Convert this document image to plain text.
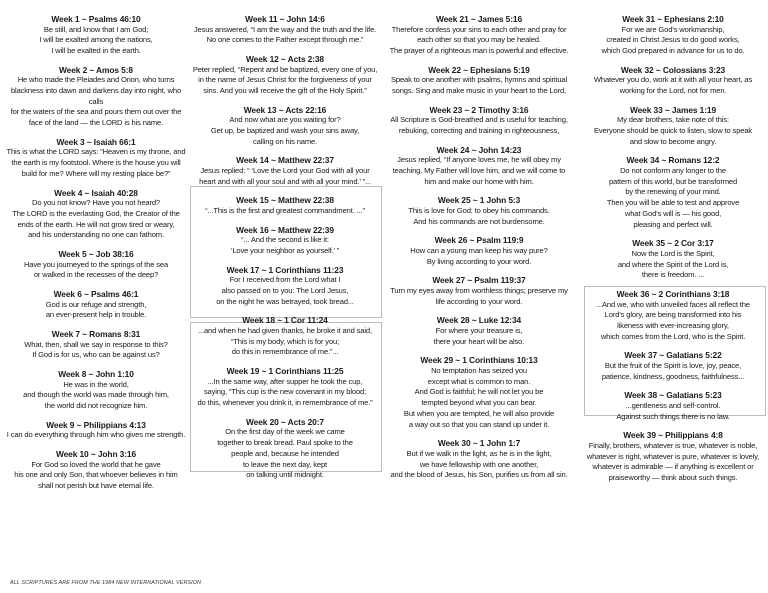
Week 1 ~ Psalms 46:10
Be still, and know that I am God;
I will be exalted among the nations,
I will be exalted in the earth.
Week 2 ~ Amos 5:8
He who made the Pleiades and Orion, who turns
blackness into dawn and darkens day into night, who calls
for the waters of the sea and pours them out over the
face of the land — the LORD is his name.
Week 3 ~ Isaiah 66:1
This is what the LORD says: “Heaven is my throne, and
the earth is my footstool. Where is the house you will
build for me? Where will my resting place be?”
Week 4 ~ Isaiah 40:28
Do you not know? Have you not heard?
The LORD is the everlasting God, the Creator of the
ends of the earth. He will not grow tired or weary,
and his understanding no one can fathom.
Week 5 ~ Job 38:16
Have you journeyed to the springs of the sea
or walked in the recesses of the deep?
Week 6 ~ Psalms 46:1
God is our refuge and strength,
an ever-present help in trouble.
Week 7 ~ Romans 8:31
What, then, shall we say in response to this?
If God is for us, who can be against us?
Week 8 ~ John 1:10
He was in the world,
and though the world was made through him,
the world did not recognize him.
Week 9 ~ Philippians 4:13
I can do everything through him who gives me strength.
Week 10 ~ John 3:16
For God so loved the world that he gave
his one and only Son, that whoever believes in him
shall not perish but have eternal life.
Week 11 ~ John 14:6
Jesus answered, “I am the way and the truth and the life.
No one comes to the Father except through me.”
Week 12 ~ Acts 2:38
Peter replied, “Repent and be baptized, every one of you,
in the name of Jesus Christ for the forgiveness of your
sins. And you will receive the gift of the Holy Spirit.”
Week 13 ~ Acts 22:16
And now what are you waiting for?
Get up, be baptized and wash your sins away,
calling on his name.
Week 14 ~ Matthew 22:37
Jesus replied: “ ‘Love the Lord your God with all your
heart and with all your soul and with all your mind.’ ”...
Week 15 ~ Matthew 22:38
“...This is the first and greatest commandment. ...”
Week 16 ~ Matthew 22:39
“... And the second is like it:
‘Love your neighbor as yourself.’ ”
Week 17 ~ 1 Corinthians 11:23
For I received from the Lord what I
also passed on to you: The Lord Jesus,
on the night he was betrayed, took bread...
Week 18 ~ 1 Cor 11:24
...and when he had given thanks, he broke it and said,
“This is my body, which is for you;
do this in remembrance of me.”...
Week 19 ~ 1 Corinthians 11:25
...In the same way, after supper he took the cup,
saying, “This cup is the new covenant in my blood;
do this, whenever you drink it, in remembrance of me.”
Week 20 ~ Acts 20:7
On the first day of the week we came
together to break bread. Paul spoke to the
people and, because he intended
to leave the next day, kept
on talking until midnight.
Week 21 ~ James 5:16
Therefore confess your sins to each other and pray for
each other so that you may be healed.
The prayer of a righteous man is powerful and effective.
Week 22 ~ Ephesians 5:19
Speak to one another with psalms, hymns and spiritual
songs. Sing and make music in your heart to the Lord,
Week 23 ~ 2 Timothy 3:16
All Scripture is God-breathed and is useful for teaching,
rebuking, correcting and training in righteousness,
Week 24 ~ John 14:23
Jesus replied, “If anyone loves me, he will obey my
teaching. My Father will love him, and we will come to
him and make our home with him.
Week 25 ~ 1 John 5:3
This is love for God: to obey his commands.
And his commands are not burdensome.
Week 26 ~ Psalm 119:9
How can a young man keep his way pure?
By living according to your word.
Week 27 ~ Psalm 119:37
Turn my eyes away from worthless things; preserve my
life according to your word.
Week 28 ~ Luke 12:34
For where your treasure is,
there your heart will be also.
Week 29 ~ 1 Corinthians 10:13
No temptation has seized you
except what is common to man.
And God is faithful; he will not let you be
tempted beyond what you can bear.
But when you are tempted, he will also provide
a way out so that you can stand up under it.
Week 30 ~ 1 John 1:7
But if we walk in the light, as he is in the light,
we have fellowship with one another,
and the blood of Jesus, his Son, purifies us from all sin.
Week 31 ~ Ephesians 2:10
For we are God’s workmanship,
created in Christ Jesus to do good works,
which God prepared in advance for us to do.
Week 32 ~ Colossians 3:23
Whatever you do, work at it with all your heart, as
working for the Lord, not for men.
Week 33 ~ James 1:19
My dear brothers, take note of this:
Everyone should be quick to listen, slow to speak
and slow to become angry.
Week 34 ~ Romans 12:2
Do not conform any longer to the
pattern of this world, but be transformed
by the renewing of your mind.
Then you will be able to test and approve
what God’s will is — his good,
pleasing and perfect will.
Week 35 ~ 2 Cor 3:17
Now the Lord is the Spirit,
and where the Spirit of the Lord is,
there is freedom. ...
Week 36 ~ 2 Corinthians 3:18
...And we, who with unveiled faces all reflect the
Lord’s glory, are being transformed into his
likeness with ever-increasing glory,
which comes from the Lord, who is the Spirit.
Week 37 ~ Galatians 5:22
But the fruit of the Spirit is love, joy, peace,
patience, kindness, goodness, faithfulness...
Week 38 ~ Galatians 5:23
...gentleness and self-control.
Against such things there is no law.
Week 39 ~ Philippians 4:8
Finally, brothers, whatever is true, whatever is noble,
whatever is right, whatever is pure, whatever is lovely,
whatever is admirable — if anything is excellent or
praiseworthy — think about such things.
ALL SCRIPTURES ARE FROM THE 1984 NEW INTERNATIONAL VERSION
